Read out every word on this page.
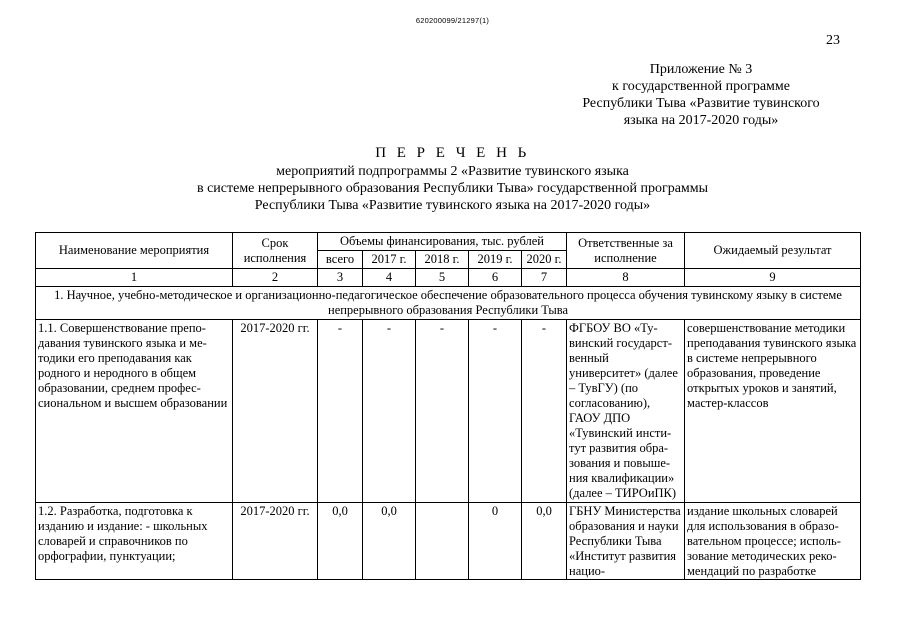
620200099/21297(1)
23
Приложение № 3
к государственной программе
Республики Тыва «Развитие тувинского
языка на 2017-2020 годы»
П Е Р Е Ч Е Н Ь
мероприятий подпрограммы 2 «Развитие тувинского языка
в системе непрерывного образования Республики Тыва» государственной программы
Республики Тыва «Развитие тувинского языка на 2017-2020 годы»
Наименование мероприятия	Срок исполнения	Объемы финансирования, тыс. рублей					Ответственные за исполнение	Ожидаемый результат
		всего	2017 г.	2018 г.	2019 г.	2020 г.		
1	2	3	4	5	6	7	8	9
1. Научное, учебно-методическое и организационно-педагогическое обеспечение образовательного процесса обучения тувинскому языку в системе непрерывного образования Республики Тыва								
1.1. Совершенствование преподавания тувинского языка и методики его преподавания как родного и неродного в общем образовании, среднем профессиональном и высшем образовании	2017-2020 гг.	-	-	-	-	-	ФГБОУ ВО «Тувинский государственный университет» (далее – ТувГУ) (по согласованию), ГАОУ ДПО «Тувинский институт развития образования и повышения квалификации» (далее – ТИРОиПК)	совершенствование методики преподавания тувинского языка в системе непрерывного образования, проведение открытых уроков и занятий, мастер-классов

1.2. Разработка, подготовка к изданию и издание: - школьных словарей и справочников по орфографии, пунктуации;	2017-2020 гг.	0,0	0,0		0	0,0	ГБНУ Министерства образования и науки Республики Тыва «Институт развития нацио-	издание школьных словарей для использования в образовательном процессе; использование методических рекомендаций по разработке
